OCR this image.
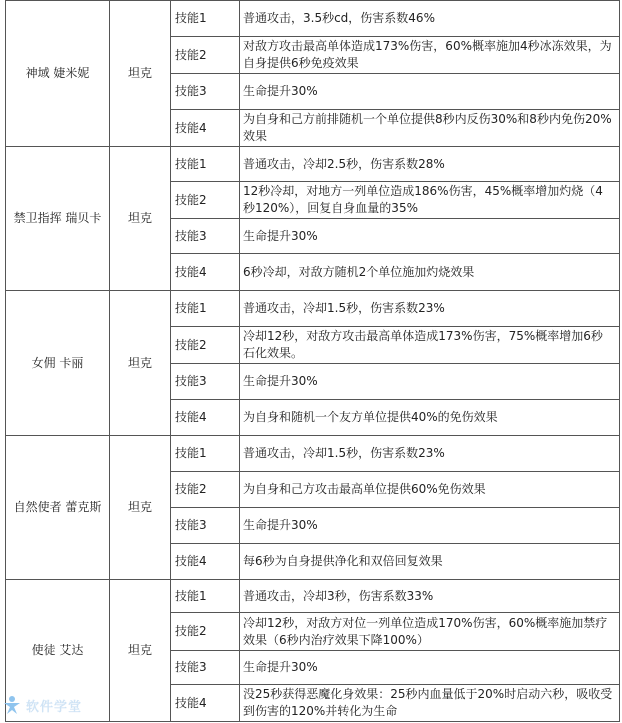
神域 婕米妮	坦克	技能1	普通攻击，3.5秒cd，伤害系数46%
		技能2	对敌方攻击最高单体造成173%伤害，60%概率施加4秒冰冻效果，为自身提供6秒免疫效果
		技能3	生命提升30%
		技能4	为自身和己方前排随机一个单位提供8秒内反伤30%和8秒内免伤20%效果
禁卫指挥 瑞贝卡	坦克	技能1	普通攻击，冷却2.5秒，伤害系数28%
		技能2	12秒冷却，对地方一列单位造成186%伤害，45%概率增加灼烧（4秒120%），回复自身血量的35%
		技能3	生命提升30%
		技能4	6秒冷却，对敌方随机2个单位施加灼烧效果
女佣 卡丽	坦克	技能1	普通攻击，冷却1.5秒，伤害系数23%
		技能2	冷却12秒，对敌方攻击最高单体造成173%伤害，75%概率增加6秒石化效果。
		技能3	生命提升30%
		技能4	为自身和随机一个友方单位提供40%的免伤效果
自然使者 蕾克斯	坦克	技能1	普通攻击，冷却1.5秒，伤害系数23%
		技能2	为自身和己方攻击最高单位提供60%免伤效果
		技能3	生命提升30%
		技能4	每6秒为自身提供净化和双倍回复效果
使徒 艾达	坦克	技能1	普通攻击，冷却3秒，伤害系数33%
		技能2	冷却12秒，对敌方对位一列单位造成170%伤害，60%概率施加禁疗效果（6秒内治疗效果下降100%）
		技能3	生命提升30%
		技能4	没25秒获得恶魔化身效果：25秒内血量低于20%时启动六秒，吸收受到伤害的120%并转化为生命
软件学堂
